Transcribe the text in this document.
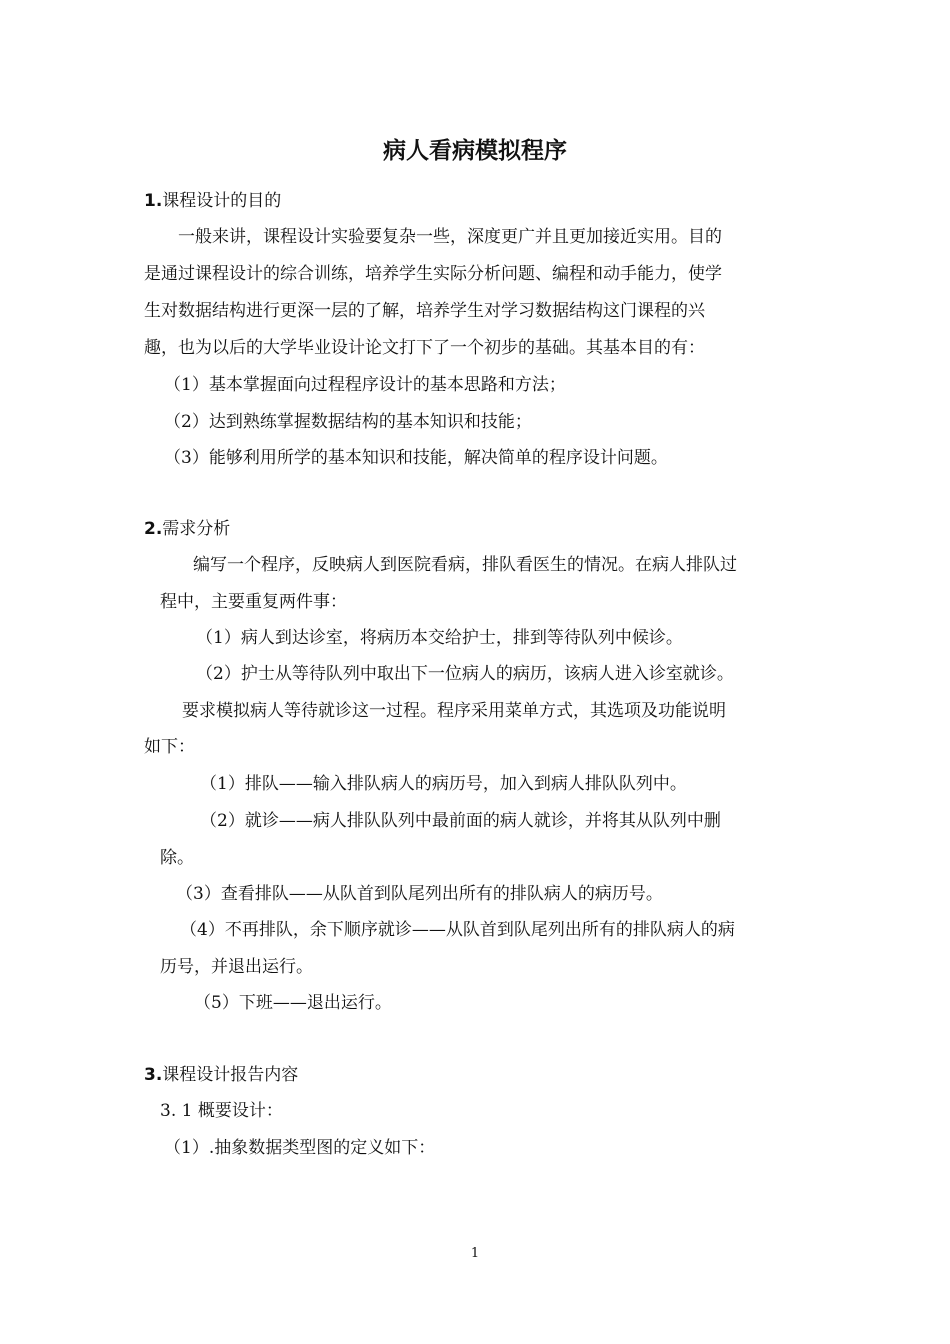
病人看病模拟程序
1.课程设计的目的
一般来讲，课程设计实验要复杂一些，深度更广并且更加接近实用。目的
是通过课程设计的综合训练，培养学生实际分析问题、编程和动手能力，使学
生对数据结构进行更深一层的了解，培养学生对学习数据结构这门课程的兴
趣，也为以后的大学毕业设计论文打下了一个初步的基础。其基本目的有：
（1）基本掌握面向过程程序设计的基本思路和方法；
（2）达到熟练掌握数据结构的基本知识和技能；
（3）能够利用所学的基本知识和技能，解决简单的程序设计问题。
2.需求分析
编写一个程序，反映病人到医院看病，排队看医生的情况。在病人排队过
程中，主要重复两件事：
（1）病人到达诊室，将病历本交给护士，排到等待队列中候诊。
（2）护士从等待队列中取出下一位病人的病历，该病人进入诊室就诊。
要求模拟病人等待就诊这一过程。程序采用菜单方式，其选项及功能说明
如下：
（1）排队——输入排队病人的病历号，加入到病人排队队列中。
（2）就诊——病人排队队列中最前面的病人就诊，并将其从队列中删
除。
（3）查看排队——从队首到队尾列出所有的排队病人的病历号。
（4）不再排队，余下顺序就诊——从队首到队尾列出所有的排队病人的病
历号，并退出运行。
（5）下班——退出运行。
3.课程设计报告内容
3. 1 概要设计：
（1）.抽象数据类型图的定义如下：
1
